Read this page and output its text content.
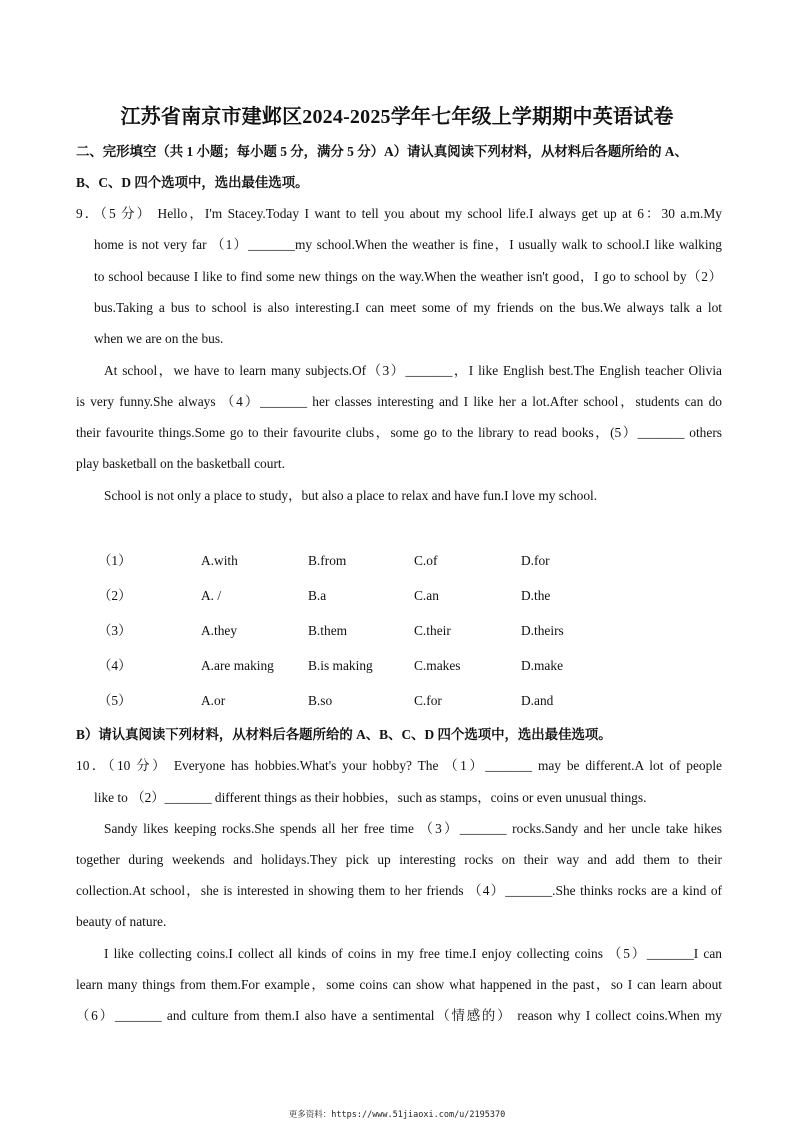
江苏省南京市建邺区2024-2025学年七年级上学期期中英语试卷
二、完形填空（共 1 小题；每小题 5 分，满分 5 分）A）请认真阅读下列材料，从材料后各题所给的 A、
B、C、D 四个选项中，选出最佳选项。
9．（5 分） Hello，I'm Stacey.Today I want to tell you about my school life.I always get up at 6：30 a.m.My
home is not very far （1）_______my school.When the weather is fine，I usually walk to school.I like walking
to school because I like to find some new things on the way.When the weather isn't good，I go to school by（2）
bus.Taking a bus to school is also interesting.I can meet some of my friends on the bus.We always talk a lot
when we are on the bus.
At school，we have to learn many subjects.Of（3）_______，I like English best.The English teacher Olivia
is very funny.She always （4）_______ her classes interesting and I like her a lot.After school，students can do
their favourite things.Some go to their favourite clubs，some go to the library to read books，(5）_______ others
play basketball on the basketball court.
School is not only a place to study，but also a place to relax and have fun.I love my school.
（1）	A.with	B.from	C.of	D.for
（2）	A. /	B.a	C.an	D.the
（3）	A.they	B.them	C.their	D.theirs
（4）	A.are making	B.is making	C.makes	D.make
（5）	A.or	B.so	C.for	D.and
B）请认真阅读下列材料，从材料后各题所给的 A、B、C、D 四个选项中，选出最佳选项。
10．（10 分） Everyone has hobbies.What's your hobby? The （1）_______ may be different.A lot of people
like to （2）_______ different things as their hobbies，such as stamps，coins or even unusual things.
Sandy likes keeping rocks.She spends all her free time （3）_______ rocks.Sandy and her uncle take hikes
together during weekends and holidays.They pick up interesting rocks on their way and add them to their
collection.At school，she is interested in showing them to her friends （4）_______.She thinks rocks are a kind of
beauty of nature.
I like collecting coins.I collect all kinds of coins in my free time.I enjoy collecting coins （5）_______I can
learn many things from them.For example，some coins can show what happened in the past，so I can learn about
（6）_______ and culture from them.I also have a sentimental（情感的） reason why I collect coins.When my
更多资料：https://www.51jiaoxi.com/u/2195370
